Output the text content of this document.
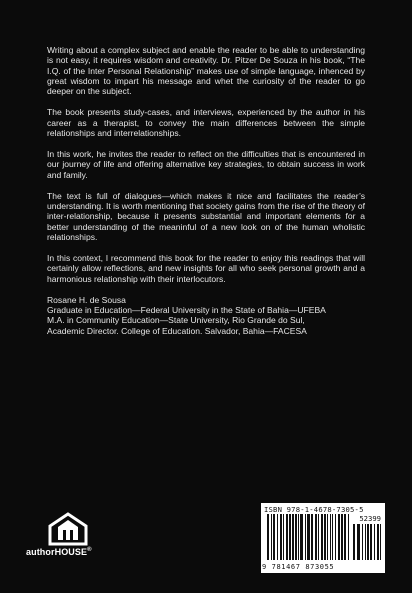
Writing about a complex subject and enable the reader to be able to understanding is not easy, it requires wisdom and creativity. Dr. Pitzer De Souza in his book, “The I.Q. of the Inter Personal Relationship” makes use of simple language, inhenced by great wisdom to impart his message and whet the curiosity of the reader to go deeper on the subject.

The book presents study-cases, and interviews, experienced by the author in his career as a therapist, to convey the main differences between the simple relationships and interrelationships.

In this work, he invites the reader to reflect on the difficulties that is encountered in our journey of life and offering alternative key strategies, to obtain success in work and family.

The text is full of dialogues—which makes it nice and facilitates the reader’s understanding. It is worth mentioning that society gains from the rise of the theory of inter-relationship, because it presents substantial and important elements for a better understanding of the meaninful of a new look on of the human wholistic relationships.

In this context, I recommend this book for the reader to enjoy this readings that will certainly allow reflections, and new insights for all who seek personal growth and a harmonious relationship with their interlocutors.

Rosane H. de Sousa
Graduate in Education—Federal University in the State of Bahia—UFEBA
M.A. in Community Education—State University, Rio Grande do Sul,
Academic Director. College of Education. Salvador, Bahia—FACESA
authorHOUSE®
ISBN 978-1-4678-7305-5
52399
9 781467 873055
